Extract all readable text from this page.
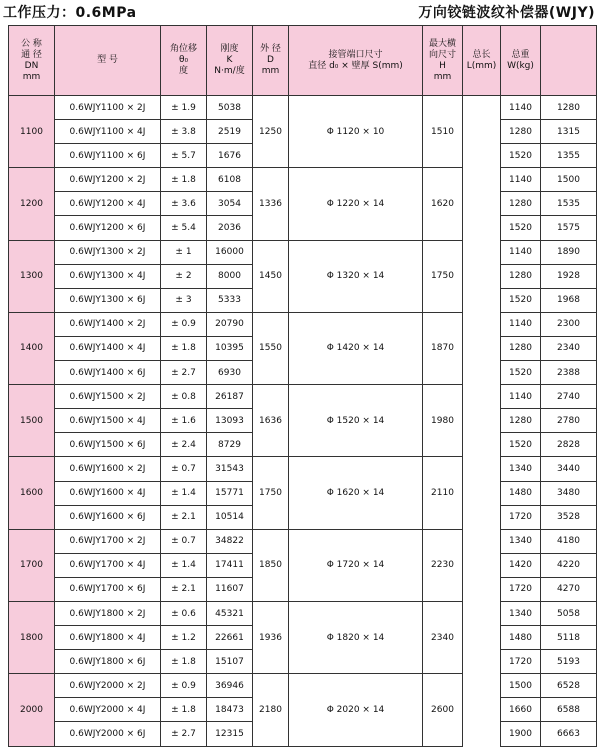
工作压力：0.6MPa	万向铰链波纹补偿器(WJY)
公 称
通 径
DN
mm	型 号	角位移
θ₀
度	刚度
K
N·m/度	外 径
D
mm	接管端口尺寸
直径 d₀ × 壁厚 S(mm)	最大横
向尺寸
H
mm	总长
L(mm)	总重
W(kg)	

1100	0.6WJY1100 × 2J	± 1.9	5038	1250	Φ 1120 × 10	1510		1140	1280
	0.6WJY1100 × 4J	± 3.8	2519					1280	1315
	0.6WJY1100 × 6J	± 5.7	1676					1520	1355
1200	0.6WJY1200 × 2J	± 1.8	6108	1336	Φ 1220 × 14	1620		1140	1500
	0.6WJY1200 × 4J	± 3.6	3054					1280	1535
	0.6WJY1200 × 6J	± 5.4	2036					1520	1575
1300	0.6WJY1300 × 2J	± 1	16000	1450	Φ 1320 × 14	1750		1140	1890
	0.6WJY1300 × 4J	± 2	8000					1280	1928
	0.6WJY1300 × 6J	± 3	5333					1520	1968
1400	0.6WJY1400 × 2J	± 0.9	20790	1550	Φ 1420 × 14	1870		1140	2300
	0.6WJY1400 × 4J	± 1.8	10395					1280	2340
	0.6WJY1400 × 6J	± 2.7	6930					1520	2388
1500	0.6WJY1500 × 2J	± 0.8	26187	1636	Φ 1520 × 14	1980		1140	2740
	0.6WJY1500 × 4J	± 1.6	13093					1280	2780
	0.6WJY1500 × 6J	± 2.4	8729					1520	2828
1600	0.6WJY1600 × 2J	± 0.7	31543	1750	Φ 1620 × 14	2110		1340	3440
	0.6WJY1600 × 4J	± 1.4	15771					1480	3480
	0.6WJY1600 × 6J	± 2.1	10514					1720	3528
1700	0.6WJY1700 × 2J	± 0.7	34822	1850	Φ 1720 × 14	2230		1340	4180
	0.6WJY1700 × 4J	± 1.4	17411					1420	4220
	0.6WJY1700 × 6J	± 2.1	11607					1720	4270
1800	0.6WJY1800 × 2J	± 0.6	45321	1936	Φ 1820 × 14	2340		1340	5058
	0.6WJY1800 × 4J	± 1.2	22661					1480	5118
	0.6WJY1800 × 6J	± 1.8	15107					1720	5193
2000	0.6WJY2000 × 2J	± 0.9	36946	2180	Φ 2020 × 14	2600		1500	6528
	0.6WJY2000 × 4J	± 1.8	18473					1660	6588
	0.6WJY2000 × 6J	± 2.7	12315					1900	6663
